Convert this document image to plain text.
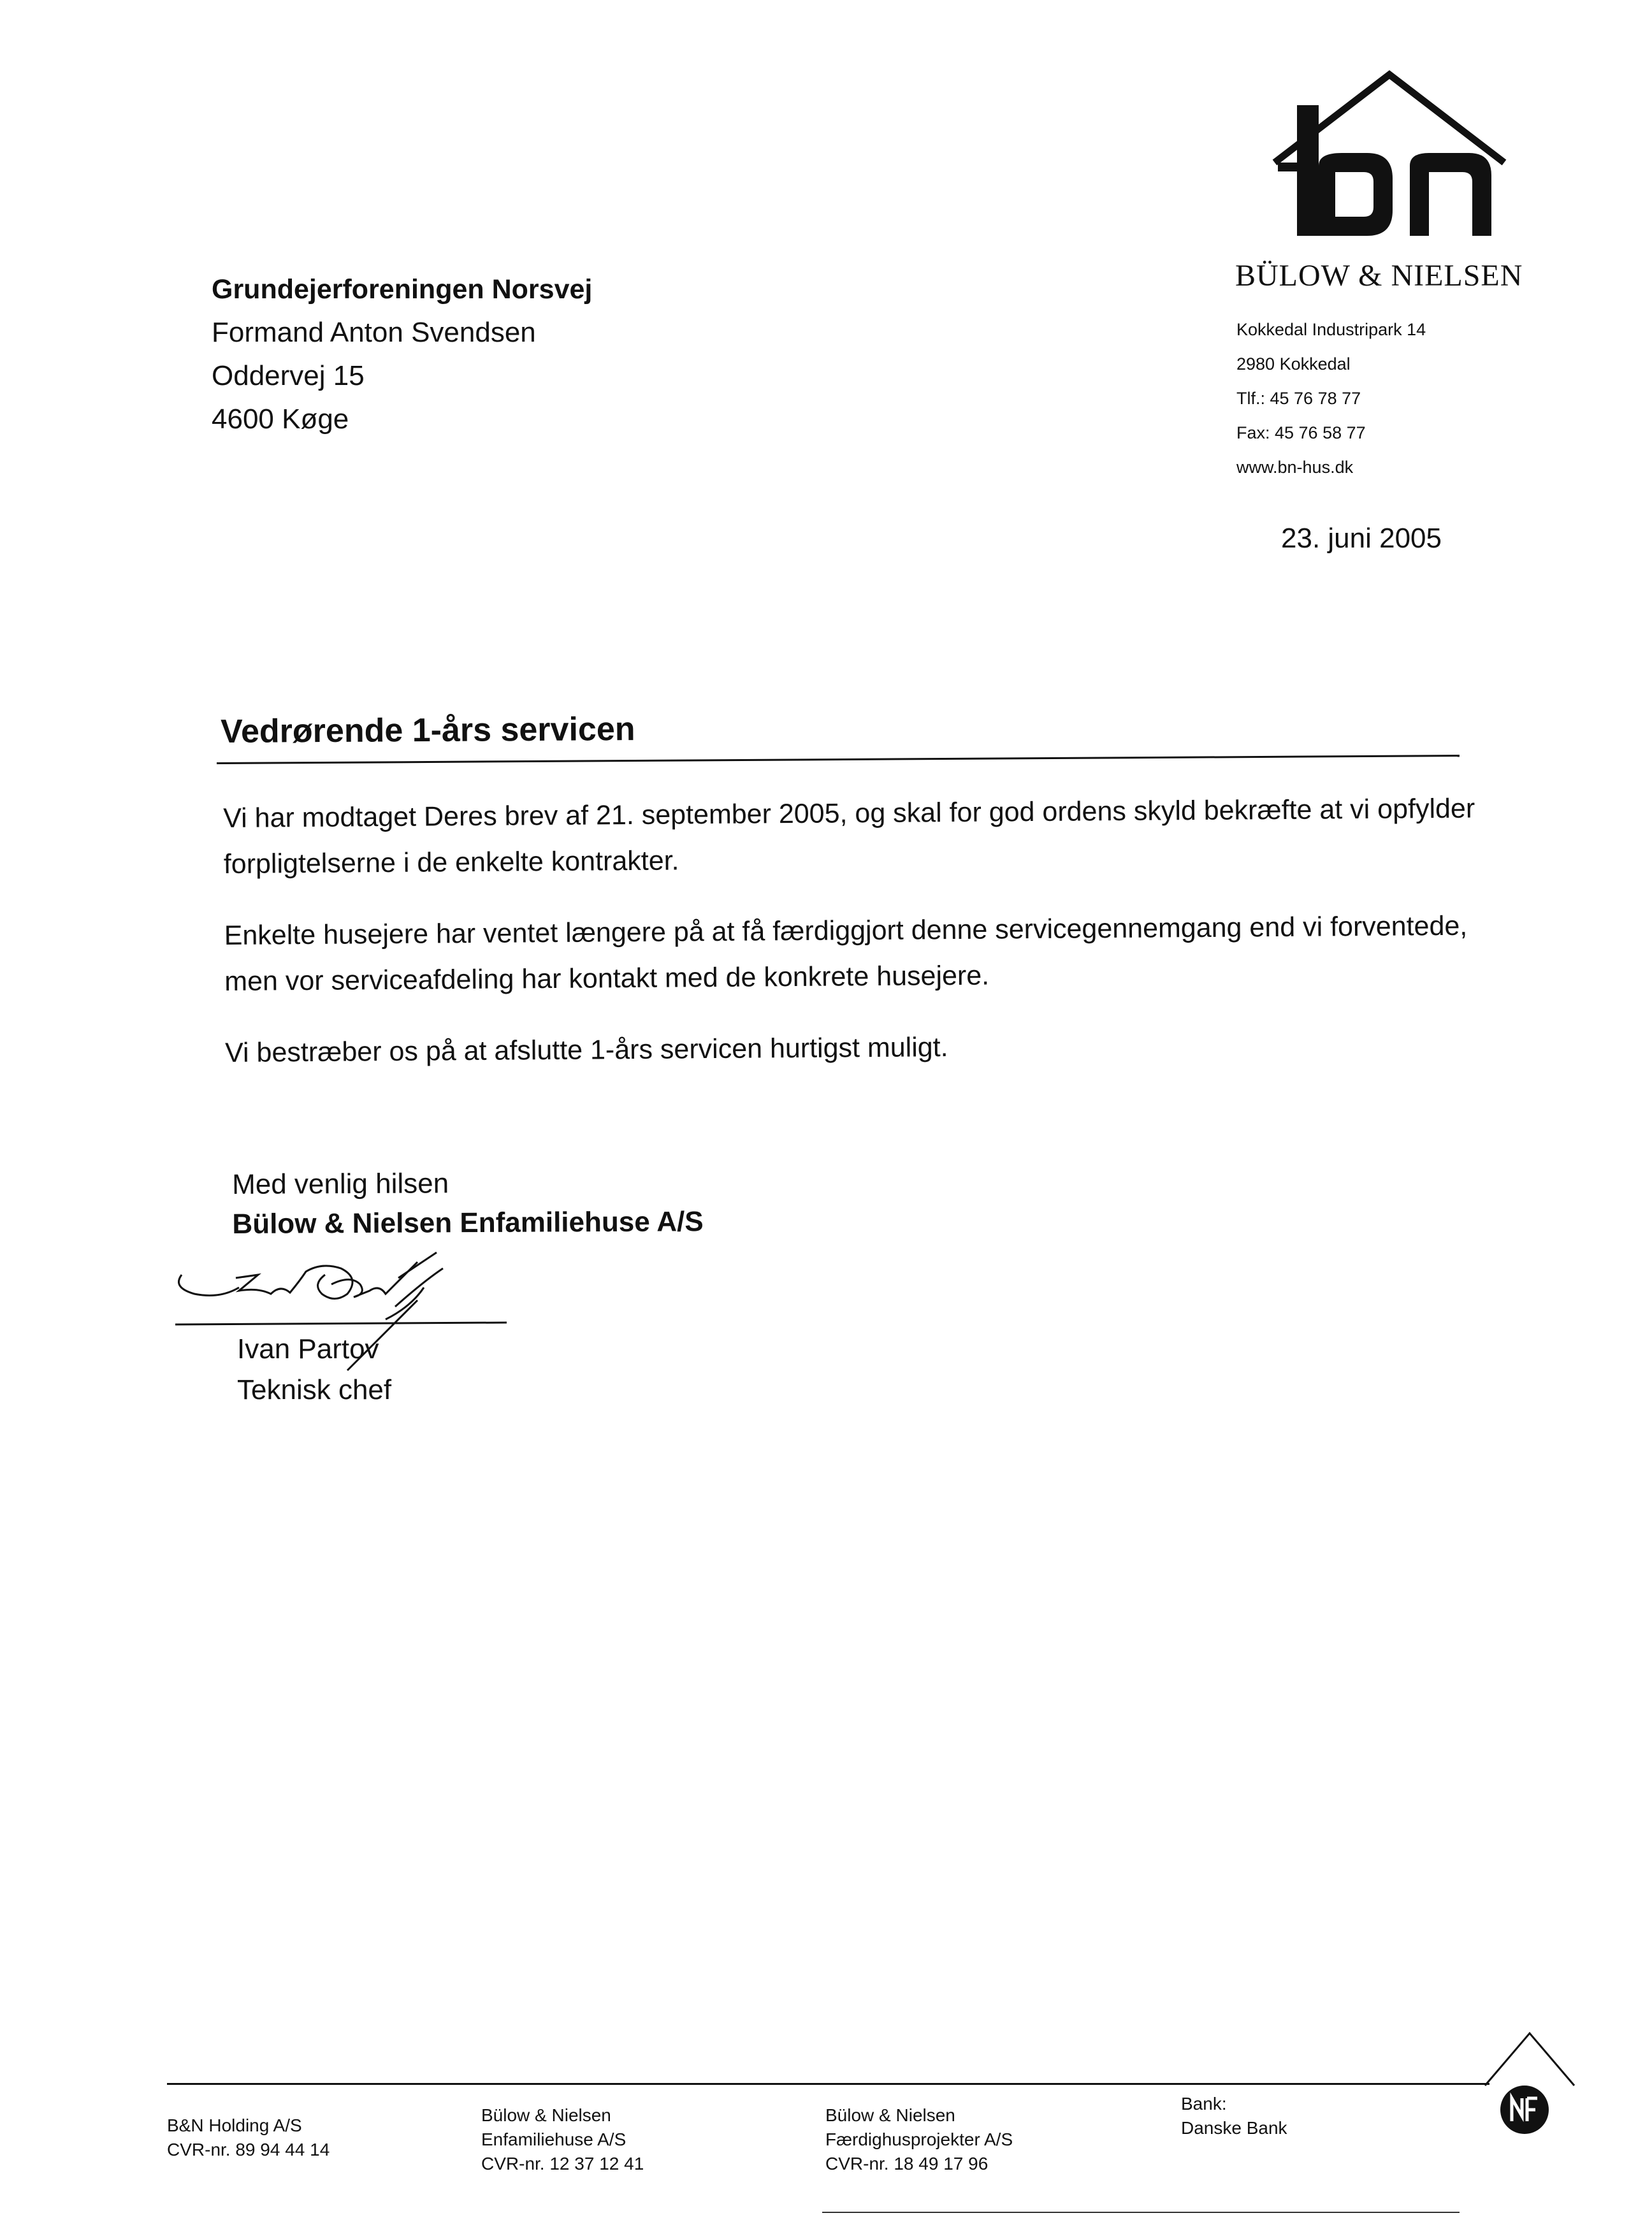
BÜLOW & NIELSEN
Kokkedal Industripark 14
2980 Kokkedal
Tlf.: 45 76 78 77
Fax: 45 76 58 77
www.bn-hus.dk
Grundejerforeningen Norsvej
Formand Anton Svendsen
Oddervej 15
4600 Køge
23. juni 2005
Vedrørende 1-års servicen

Vi har modtaget Deres brev af 21. september 2005, og skal for god ordens skyld bekræfte at vi opfylder forpligtelserne i de enkelte kontrakter.

Enkelte husejere har ventet længere på at få færdiggjort denne servicegennemgang end vi forventede, men vor serviceafdeling har kontakt med de konkrete husejere.

Vi bestræber os på at afslutte 1-års servicen hurtigst muligt.

Med venlig hilsen
Bülow & Nielsen Enfamiliehuse A/S
Ivan Partov
Teknisk chef
B&N Holding A/S
CVR-nr. 89 94 44 14
Bülow & Nielsen
Enfamiliehuse A/S
CVR-nr. 12 37 12 41
Bülow & Nielsen
Færdighusprojekter A/S
CVR-nr. 18 49 17 96
Bank:
Danske Bank
